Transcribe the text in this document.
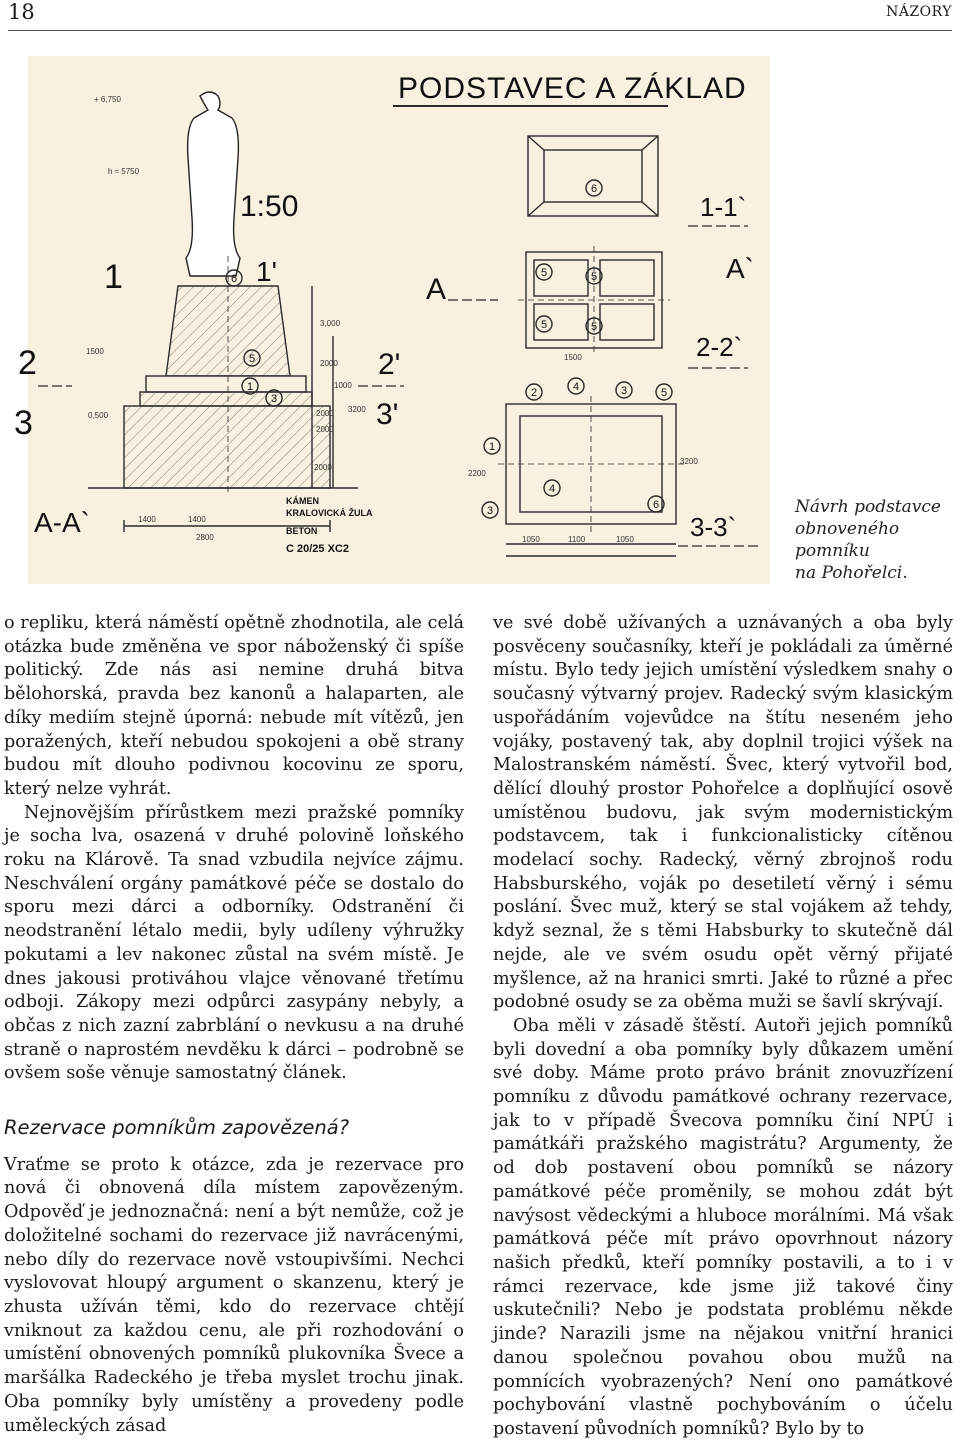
18	NÁZORY
PODSTAVEC A ZÁKLAD
1:50
1	1'
2	2'
3	3'
A-A`
A
A`
1-1`
2-2`
3-3`
6
5
1
3
6
5	5
5	5
2	4	3	5
1
4
3	6
+ 6,750
h ≈ 5750
3,000
2000
2000
2000
1000
2000
0,500
1500
3200
1400	1400
2800
2200
3200
1050	1100	1050
1500
KÁMEN
KRALOVICKÁ ŽULA
BETON
C 20/25 XC2
Návrh podstavce
obnoveného
pomníku
na Pohořelci.

o repliku, která náměstí opětně zhodnotila, ale celá otázka bude změněna ve spor náboženský či spíše politický. Zde nás asi nemine druhá bitva bělohorská, pravda bez kanonů a halaparten, ale díky mediím stejně úporná: nebude mít vítězů, jen poražených, kteří nebudou spokojeni a obě strany budou mít dlouho podivnou kocovinu ze sporu, který nelze vyhrát.

Nejnovějším přírůstkem mezi pražské pomníky je socha lva, osazená v druhé polovině loňského roku na Klárově. Ta snad vzbudila nejvíce zájmu. Neschválení orgány památkové péče se dostalo do sporu mezi dárci a odborníky. Odstranění či neodstranění létalo medii, byly udíleny výhružky pokutami a lev nakonec zůstal na svém místě. Je dnes jakousi protiváhou vlajce věnované třetímu odboji. Zákopy mezi odpůrci zasypány nebyly, a občas z nich zazní zabrblání o nevkusu a na druhé straně o naprostém nevděku k dárci – podrobně se ovšem soše věnuje samostatný článek.

Rezervace pomníkům zapovězená?

Vraťme se proto k otázce, zda je rezervace pro nová či obnovená díla místem zapovězeným. Odpověď je jednoznačná: není a být nemůže, což je doložitelné sochami do rezervace již navrácenými, nebo díly do rezervace nově vstoupivšími. Nechci vyslovovat hloupý argument o skanzenu, který je zhusta užíván těmi, kdo do rezervace chtějí vniknout za každou cenu, ale při rozhodování o umístění obnovených pomníků plukovníka Švece a maršálka Radeckého je třeba myslet trochu jinak. Oba pomníky byly umístěny a provedeny podle uměleckých zásad

ve své době užívaných a uznávaných a oba byly posvěceny současníky, kteří je pokládali za úměrné místu. Bylo tedy jejich umístění výsledkem snahy o současný výtvarný projev. Radecký svým klasickým uspořádáním vojevůdce na štítu neseném jeho vojáky, postavený tak, aby doplnil trojici výšek na Malostranském náměstí. Švec, který vytvořil bod, dělící dlouhý prostor Pohořelce a doplňující osově umístěnou budovu, jak svým modernistickým podstavcem, tak i funkcionalisticky cítěnou modelací sochy. Radecký, věrný zbrojnoš rodu Habsburského, voják po desetiletí věrný i sému poslání. Švec muž, který se stal vojákem až tehdy, když seznal, že s těmi Habsburky to skutečně dál nejde, ale ve svém osudu opět věrný přijaté myšlence, až na hranici smrti. Jaké to různé a přec podobné osudy se za oběma muži se šavlí skrývají.

Oba měli v zásadě štěstí. Autoři jejich pomníků byli dovední a oba pomníky byly důkazem umění své doby. Máme proto právo bránit znovuzřízení pomníku z důvodu památkové ochrany rezervace, jak to v případě Švecova pomníku činí NPÚ i památkáři pražského magistrátu? Argumenty, že od dob postavení obou pomníků se názory památkové péče proměnily, se mohou zdát být navýsost vědeckými a hluboce morálními. Má však památková péče mít právo opovrhnout názory našich předků, kteří pomníky postavili, a to i v rámci rezervace, kde jsme již takové činy uskutečnili? Nebo je podstata problému někde jinde? Narazili jsme na nějakou vnitřní hranici danou společnou povahou obou mužů na pomnících vyobrazených? Není ono památkové pochybování vlastně pochybováním o účelu postavení původních pomníků? Bylo by to
